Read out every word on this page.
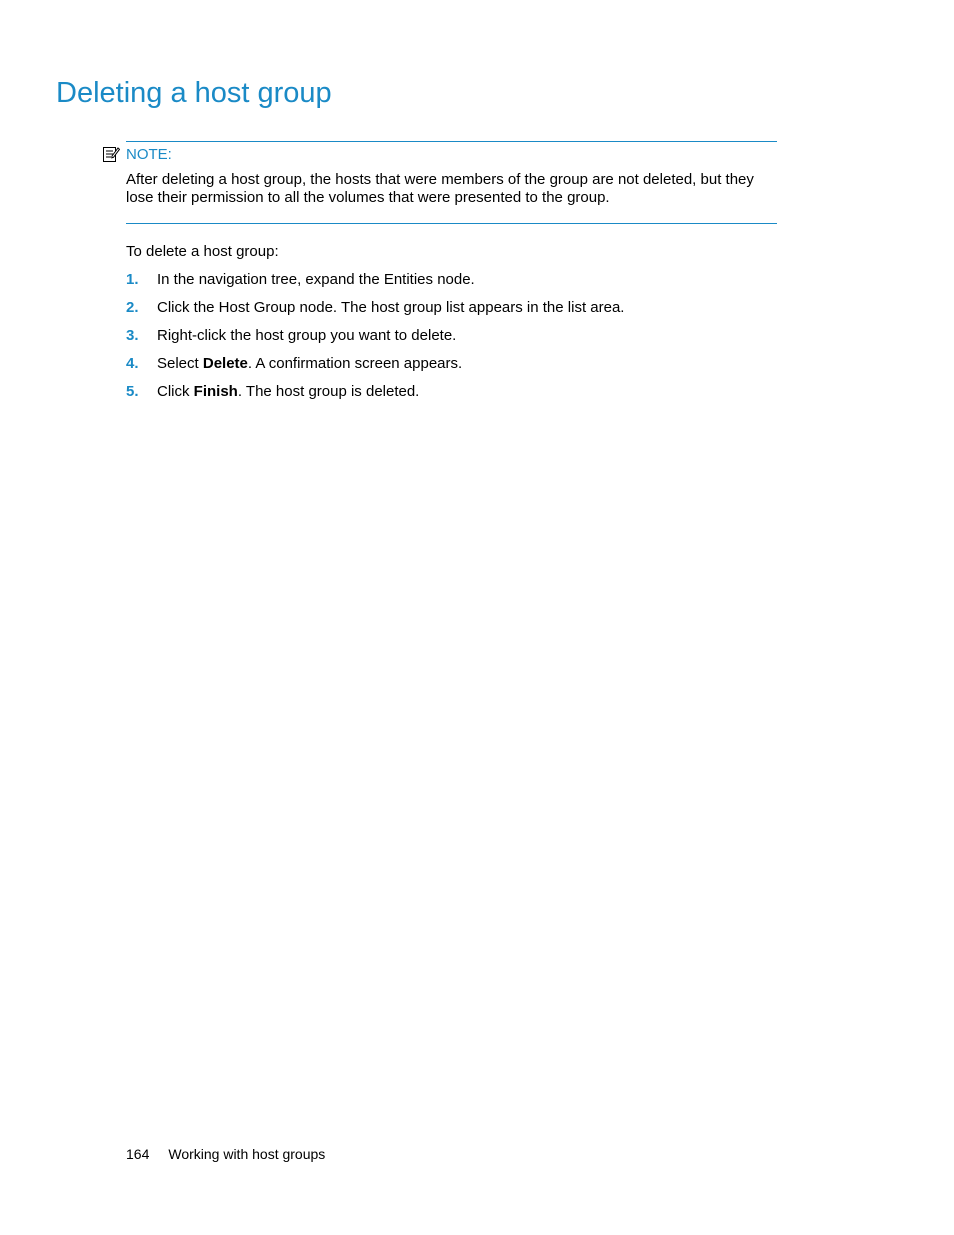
Deleting a host group
NOTE:

After deleting a host group, the hosts that were members of the group are not deleted, but they lose their permission to all the volumes that were presented to the group.

To delete a host group:

1. In the navigation tree, expand the Entities node.
2. Click the Host Group node. The host group list appears in the list area.
3. Right-click the host group you want to delete.
4. Select Delete. A confirmation screen appears.
5. Click Finish. The host group is deleted.
164 Working with host groups
